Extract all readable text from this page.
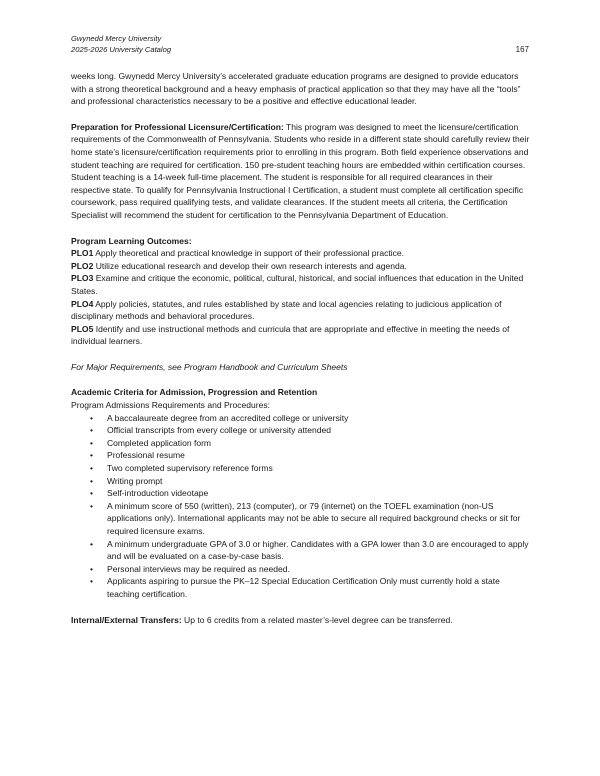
Gwynedd Mercy University
2025-2026 University Catalog	167

weeks long. Gwynedd Mercy University’s accelerated graduate education programs are designed to provide educators with a strong theoretical background and a heavy emphasis of practical application so that they may have all the “tools” and professional characteristics necessary to be a positive and effective educational leader.

Preparation for Professional Licensure/Certification: This program was designed to meet the licensure/certification requirements of the Commonwealth of Pennsylvania. Students who reside in a different state should carefully review their home state’s licensure/certification requirements prior to enrolling in this program. Both field experience observations and student teaching are required for certification. 150 pre-student teaching hours are embedded within certification courses. Student teaching is a 14-week full-time placement. The student is responsible for all required clearances in their respective state. To qualify for Pennsylvania Instructional I Certification, a student must complete all certification specific coursework, pass required qualifying tests, and validate clearances. If the student meets all criteria, the Certification Specialist will recommend the student for certification to the Pennsylvania Department of Education.

Program Learning Outcomes:

PLO1 Apply theoretical and practical knowledge in support of their professional practice.

PLO2 Utilize educational research and develop their own research interests and agenda.

PLO3 Examine and critique the economic, political, cultural, historical, and social influences that education in the United States.

PLO4 Apply policies, statutes, and rules established by state and local agencies relating to judicious application of disciplinary methods and behavioral procedures.

PLO5 Identify and use instructional methods and curricula that are appropriate and effective in meeting the needs of individual learners.

For Major Requirements, see Program Handbook and Curriculum Sheets

Academic Criteria for Admission, Progression and Retention

Program Admissions Requirements and Procedures:

• A baccalaureate degree from an accredited college or university
• Official transcripts from every college or university attended
• Completed application form
• Professional resume
• Two completed supervisory reference forms
• Writing prompt
• Self-introduction videotape
• A minimum score of 550 (written), 213 (computer), or 79 (internet) on the TOEFL examination (non-US applications only). International applicants may not be able to secure all required background checks or sit for required licensure exams.
• A minimum undergraduate GPA of 3.0 or higher. Candidates with a GPA lower than 3.0 are encouraged to apply and will be evaluated on a case-by-case basis.
• Personal interviews may be required as needed.
• Applicants aspiring to pursue the PK–12 Special Education Certification Only must currently hold a state teaching certification.

Internal/External Transfers: Up to 6 credits from a related master’s-level degree can be transferred.
